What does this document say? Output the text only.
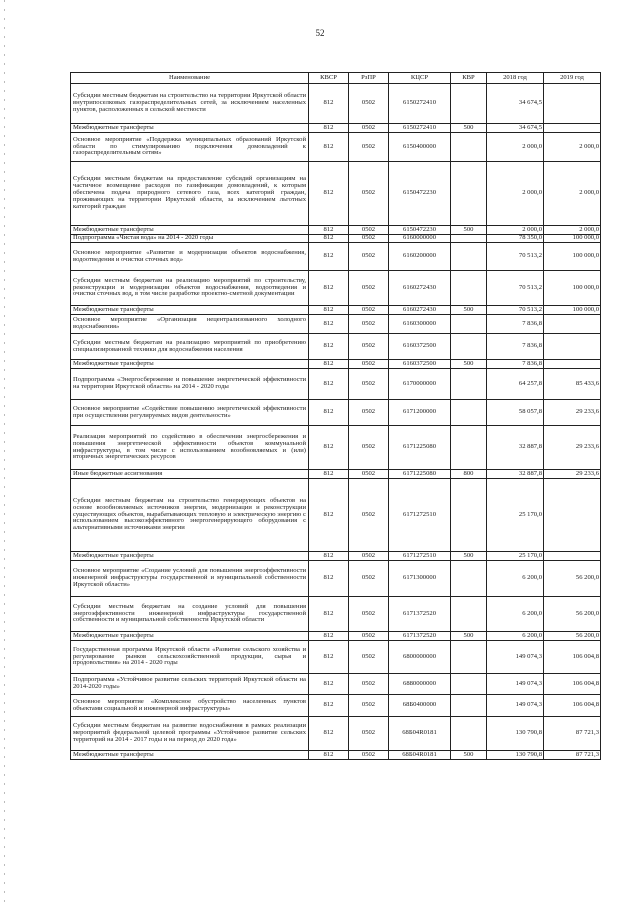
52
Наименование	КВСР	РзПР	КЦСР	КВР	2018 год	2019 год
Субсидии местным бюджетам на строительство на территории Иркутской области внутрипоселковых газораспределительных сетей, за исключением населенных пунктов, расположенных в сельской местности	812	0502	6150272410		34 674,5	
Межбюджетные трансферты	812	0502	6150272410	500	34 674,5	
Основное мероприятие «Поддержка муниципальных образований Иркутской области по стимулированию подключения домовладений к газораспределительным сетям»	812	0502	6150400000		2 000,0	2 000,0
Субсидии местным бюджетам на предоставление субсидий организациям на частичное возмещение расходов по газификации домовладений, к которым обеспечена подача природного сетевого газа, всех категорий граждан, проживающих на территории Иркутской области, за исключением льготных категорий граждан	812	0502	6150472230		2 000,0	2 000,0
Межбюджетные трансферты	812	0502	6150472230	500	2 000,0	2 000,0
Подпрограмма «Чистая вода» на 2014 - 2020 годы	812	0502	6160000000		78 350,0	100 000,0
Основное мероприятие «Развитие и модернизация объектов водоснабжения, водоотведения и очистки сточных вод»	812	0502	6160200000		70 513,2	100 000,0
Субсидии местным бюджетам на реализацию мероприятий по строительству, реконструкции и модернизации объектов водоснабжения, водоотведения и очистки сточных вод, в том числе разработке проектно-сметной документации	812	0502	6160272430		70 513,2	100 000,0
Межбюджетные трансферты	812	0502	6160272430	500	70 513,2	100 000,0
Основное мероприятие «Организация нецентрализованного холодного водоснабжения»	812	0502	6160300000		7 836,8	
Субсидии местным бюджетам на реализацию мероприятий по приобретению специализированной техники для водоснабжения населения	812	0502	6160372500		7 836,8	
Межбюджетные трансферты	812	0502	6160372500	500	7 836,8	
Подпрограмма «Энергосбережение и повышение энергетической эффективности на территории Иркутской области» на 2014 - 2020 годы	812	0502	6170000000		64 257,8	85 433,6
Основное мероприятие «Содействие повышению энергетической эффективности при осуществлении регулируемых видов деятельности»	812	0502	6171200000		58 057,8	29 233,6
Реализация мероприятий по содействию в обеспечении энергосбережения и повышения энергетической эффективности объектов коммунальной инфраструктуры, в том числе с использованием возобновляемых и (или) вторичных энергетических ресурсов	812	0502	6171225080		32 887,8	29 233,6
Иные бюджетные ассигнования	812	0502	6171225080	800	32 887,8	29 233,6
Субсидии местным бюджетам на строительство генерирующих объектов на основе возобновляемых источников энергии, модернизации и реконструкции существующих объектов, вырабатывающих тепловую и электрическую энергию с использованием высокоэффективного энергогенерирующего оборудования с альтернативными источниками энергии	812	0502	6171272510		25 170,0	
Межбюджетные трансферты	812	0502	6171272510	500	25 170,0	
Основное мероприятие «Создание условий для повышения энергоэффективности инженерной инфраструктуры государственной и муниципальной собственности Иркутской области»	812	0502	6171300000		6 200,0	56 200,0
Субсидии местным бюджетам на создание условий для повышения энергоэффективности инженерной инфраструктуры государственной собственности и муниципальной собственности Иркутской области	812	0502	6171372520		6 200,0	56 200,0
Межбюджетные трансферты	812	0502	6171372520	500	6 200,0	56 200,0
Государственная программа Иркутской области «Развитие сельского хозяйства и регулирование рынков сельскохозяйственной продукции, сырья и продовольствия» на 2014 - 2020 годы	812	0502	6800000000		149 074,3	106 004,8
Подпрограмма «Устойчивое развитие сельских территорий Иркутской области на 2014-2020 годы»	812	0502	6880000000		149 074,3	106 004,8
Основное мероприятие «Комплексное обустройство населенных пунктов объектами социальной и инженерной инфраструктуры»	812	0502	68Б0400000		149 074,3	106 004,8
Субсидии местным бюджетам на развитие водоснабжения в рамках реализации мероприятий федеральной целевой программы «Устойчивое развитие сельских территорий на 2014 - 2017 годы и на период до 2020 года»	812	0502	68Б04R0181		130 790,8	87 721,3
Межбюджетные трансферты	812	0502	68Б04R0181	500	130 790,8	87 721,3
